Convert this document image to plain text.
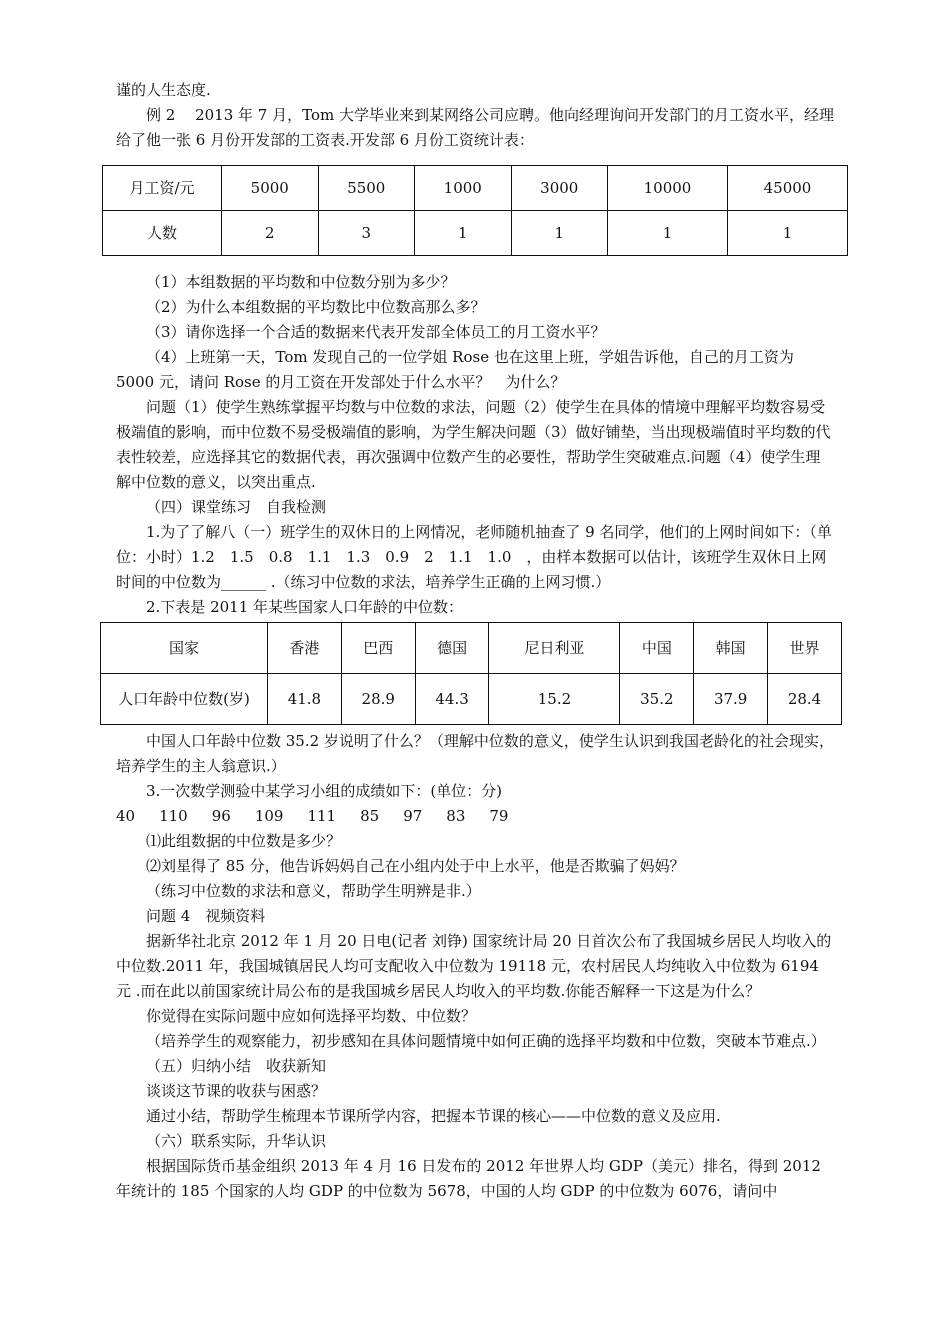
谨的人生态度.

例 2　 2013 年 7 月，Tom 大学毕业来到某网络公司应聘。他向经理询问开发部门的月工资水平，经理给了他一张 6 月份开发部的工资表.开发部 6 月份工资统计表：

月工资/元	5000	5500	1000	3000	10000	45000
人数	2	3	1	1	1	1

（1）本组数据的平均数和中位数分别为多少？

（2）为什么本组数据的平均数比中位数高那么多？

（3）请你选择一个合适的数据来代表开发部全体员工的月工资水平？

（4）上班第一天，Tom 发现自己的一位学姐 Rose 也在这里上班，学姐告诉他，自己的月工资为 5000 元，请问 Rose 的月工资在开发部处于什么水平？　为什么？

问题（1）使学生熟练掌握平均数与中位数的求法，问题（2）使学生在具体的情境中理解平均数容易受极端值的影响，而中位数不易受极端值的影响，为学生解决问题（3）做好铺垫，当出现极端值时平均数的代表性较差，应选择其它的数据代表，再次强调中位数产生的必要性，帮助学生突破难点.问题（4）使学生理解中位数的意义，以突出重点.

（四）课堂练习　自我检测

1.为了了解八（一）班学生的双休日的上网情况，老师随机抽查了 9 名同学，他们的上网时间如下：（单位：小时）1.2　1.5　0.8　1.1　1.3　0.9　2　1.1　1.0　，由样本数据可以估计，该班学生双休日上网时间的中位数为______ .（练习中位数的求法，培养学生正确的上网习惯.）

2.下表是 2011 年某些国家人口年龄的中位数：

国家	香港	巴西	德国	尼日利亚	中国	韩国	世界
人口年龄中位数(岁)	41.8	28.9	44.3	15.2	35.2	37.9	28.4

中国人口年龄中位数 35.2 岁说明了什么？（理解中位数的意义，使学生认识到我国老龄化的社会现实，培养学生的主人翁意识.）

3.一次数学测验中某学习小组的成绩如下：(单位：分)

40 110 96 109 111 85 97 83 79

⑴此组数据的中位数是多少？

⑵刘星得了 85 分，他告诉妈妈自己在小组内处于中上水平，他是否欺骗了妈妈？

（练习中位数的求法和意义，帮助学生明辨是非.）

问题 4　视频资料

据新华社北京 2012 年 1 月 20 日电(记者 刘铮) 国家统计局 20 日首次公布了我国城乡居民人均收入的中位数.2011 年，我国城镇居民人均可支配收入中位数为 19118 元，农村居民人均纯收入中位数为 6194 元 .而在此以前国家统计局公布的是我国城乡居民人均收入的平均数.你能否解释一下这是为什么？

你觉得在实际问题中应如何选择平均数、中位数？

（培养学生的观察能力，初步感知在具体问题情境中如何正确的选择平均数和中位数，突破本节难点.）

（五）归纳小结　收获新知

谈谈这节课的收获与困惑？

通过小结，帮助学生梳理本节课所学内容，把握本节课的核心——中位数的意义及应用.

（六）联系实际，升华认识

根据国际货币基金组织 2013 年 4 月 16 日发布的 2012 年世界人均 GDP（美元）排名，得到 2012 年统计的 185 个国家的人均 GDP 的中位数为 5678，中国的人均 GDP 的中位数为 6076，请问中
